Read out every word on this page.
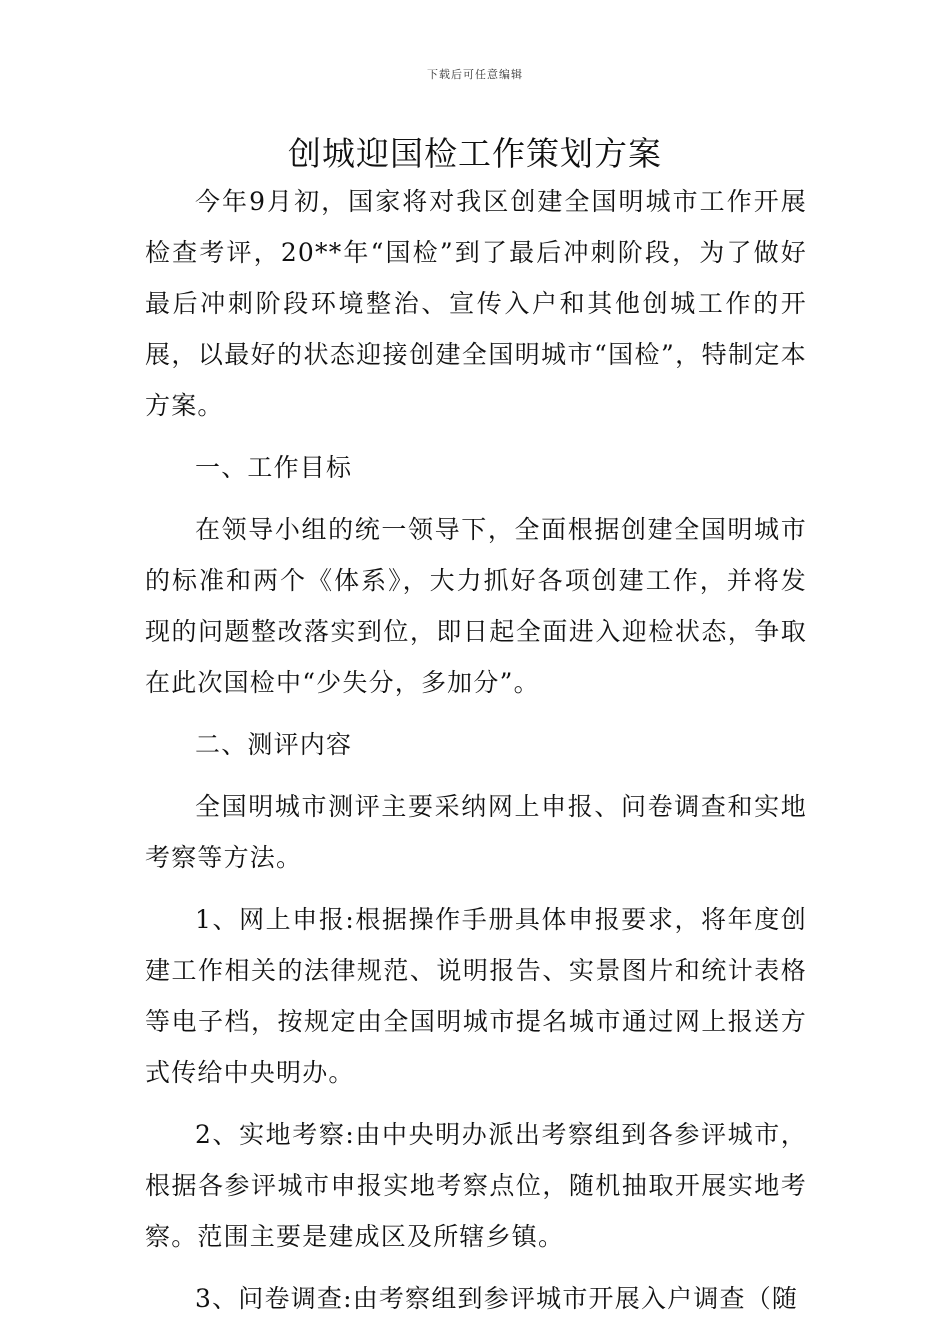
下载后可任意编辑
创城迎国检工作策划方案

今年9月初，国家将对我区创建全国明城市工作开展检查考评，20**年“国检”到了最后冲刺阶段，为了做好最后冲刺阶段环境整治、宣传入户和其他创城工作的开展，以最好的状态迎接创建全国明城市“国检”，特制定本方案。

一、工作目标

在领导小组的统一领导下，全面根据创建全国明城市的标准和两个《体系》，大力抓好各项创建工作，并将发现的问题整改落实到位，即日起全面进入迎检状态，争取在此次国检中“少失分，多加分”。

二、测评内容

全国明城市测评主要采纳网上申报、问卷调查和实地考察等方法。

1、网上申报:根据操作手册具体申报要求，将年度创建工作相关的法律规范、说明报告、实景图片和统计表格等电子档，按规定由全国明城市提名城市通过网上报送方式传给中央明办。

2、实地考察:由中央明办派出考察组到各参评城市，根据各参评城市申报实地考察点位，随机抽取开展实地考察。范围主要是建成区及所辖乡镇。

3、问卷调查:由考察组到参评城市开展入户调查（随
